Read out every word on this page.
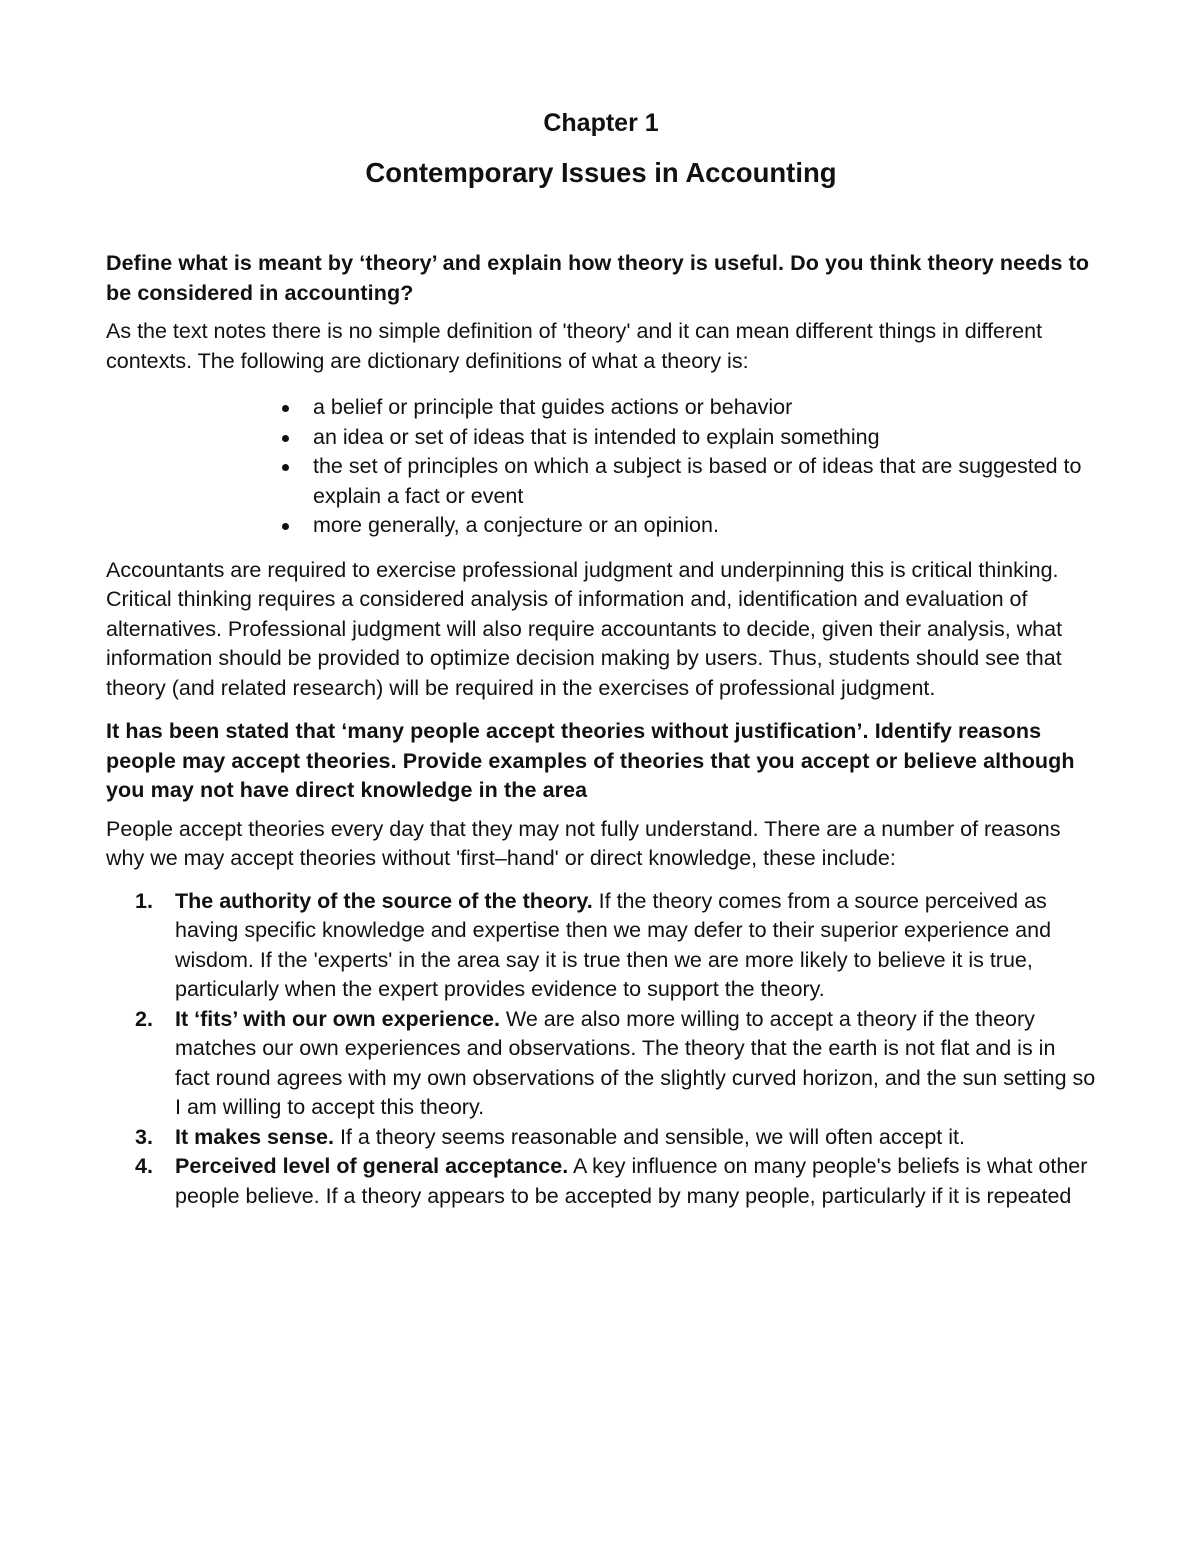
Chapter 1
Contemporary Issues in Accounting

Define what is meant by ‘theory’ and explain how theory is useful. Do you think theory needs to be considered in accounting?

As the text notes there is no simple definition of 'theory' and it can mean different things in different contexts. The following are dictionary definitions of what a theory is:

a belief or principle that guides actions or behavior
an idea or set of ideas that is intended to explain something
the set of principles on which a subject is based or of ideas that are suggested to explain a fact or event
more generally, a conjecture or an opinion.

Accountants are required to exercise professional judgment and underpinning this is critical thinking. Critical thinking requires a considered analysis of information and, identification and evaluation of alternatives. Professional judgment will also require accountants to decide, given their analysis, what information should be provided to optimize decision making by users. Thus, students should see that theory (and related research) will be required in the exercises of professional judgment.

It has been stated that ‘many people accept theories without justification’. Identify reasons people may accept theories. Provide examples of theories that you accept or believe although you may not have direct knowledge in the area

People accept theories every day that they may not fully understand. There are a number of reasons why we may accept theories without 'first–hand' or direct knowledge, these include:

1. The authority of the source of the theory. If the theory comes from a source perceived as having specific knowledge and expertise then we may defer to their superior experience and wisdom. If the 'experts' in the area say it is true then we are more likely to believe it is true, particularly when the expert provides evidence to support the theory.
2. It ‘fits’ with our own experience. We are also more willing to accept a theory if the theory matches our own experiences and observations. The theory that the earth is not flat and is in fact round agrees with my own observations of the slightly curved horizon, and the sun setting so I am willing to accept this theory.
3. It makes sense. If a theory seems reasonable and sensible, we will often accept it.
4. Perceived level of general acceptance. A key influence on many people's beliefs is what other people believe. If a theory appears to be accepted by many people, particularly if it is repeated
